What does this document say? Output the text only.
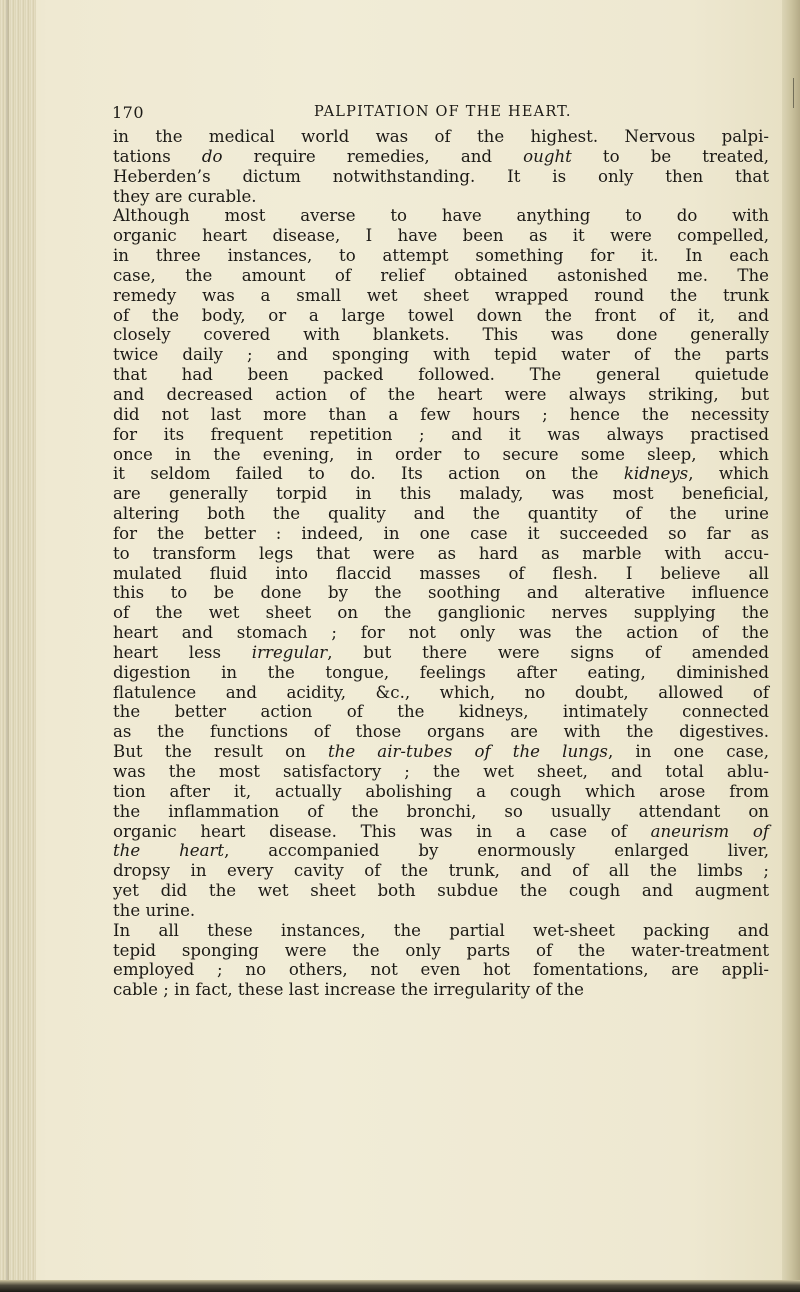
170	PALPITATION OF THE HEART.
in the medical world was of the highest. Nervous palpi-
tations do require remedies, and ought to be treated,
Heberden’s dictum notwithstanding. It is only then that
they are curable.
Although most averse to have anything to do with
organic heart disease, I have been as it were compelled,
in three instances, to attempt something for it. In each
case, the amount of relief obtained astonished me. The
remedy was a small wet sheet wrapped round the trunk
of the body, or a large towel down the front of it, and
closely covered with blankets. This was done generally
twice daily ; and sponging with tepid water of the parts
that had been packed followed. The general quietude
and decreased action of the heart were always striking, but
did not last more than a few hours ; hence the necessity
for its frequent repetition ; and it was always practised
once in the evening, in order to secure some sleep, which
it seldom failed to do. Its action on the kidneys, which
are generally torpid in this malady, was most beneficial,
altering both the quality and the quantity of the urine
for the better : indeed, in one case it succeeded so far as
to transform legs that were as hard as marble with accu-
mulated fluid into flaccid masses of flesh. I believe all
this to be done by the soothing and alterative influence
of the wet sheet on the ganglionic nerves supplying the
heart and stomach ; for not only was the action of the
heart less irregular, but there were signs of amended
digestion in the tongue, feelings after eating, diminished
flatulence and acidity, &c., which, no doubt, allowed of
the better action of the kidneys, intimately connected
as the functions of those organs are with the digestives.
But the result on the air-tubes of the lungs, in one case,
was the most satisfactory ; the wet sheet, and total ablu-
tion after it, actually abolishing a cough which arose from
the inflammation of the bronchi, so usually attendant on
organic heart disease. This was in a case of aneurism of
the heart, accompanied by enormously enlarged liver,
dropsy in every cavity of the trunk, and of all the limbs ;
yet did the wet sheet both subdue the cough and augment
the urine.
In all these instances, the partial wet-sheet packing and
tepid sponging were the only parts of the water-treatment
employed ; no others, not even hot fomentations, are appli-
cable ; in fact, these last increase the irregularity of the
